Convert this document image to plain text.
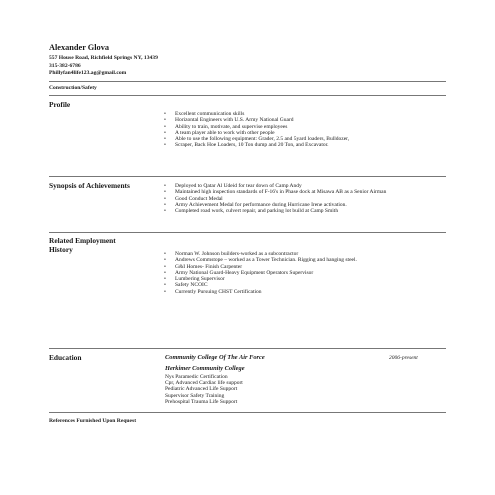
Alexander Glova
557 House Road, Richfield Springs NY, 13439
315-382-6786
Phillyfan4life123.ag@gmail.com
Construction/Safety
Profile
• Excellent communication skills
• Horizontal Engineers with U.S. Army National Guard
• Ability to train, motivate, and supervise employees
• A team player able to work with other people
• Able to use the following equipment: Grader, 2.5 and 5yard loaders, Bulldozer,
• Scraper, Back Hoe Loaders, 10 Ton dump and 20 Ton, and Excavator.
Synopsis of Achievements	• Deployed to Qatar Al Udeid for tear down of Camp Andy
• Maintained high inspection standards of F-16's in Phase dock at Misawa AB as a Senior Airman
• Good Conduct Medal
• Army Achievement Medal for performance during Hurricane Irene activation.
• Completed road work, culvert repair, and parking lot build at Camp Smith
Related Employment
History	• Norman W. Johnson builders-worked as a subcontractor
• Andrews Commstope – worked as a Tower Technician. Rigging and hanging steel.
• G&I Homes- Finish Carpenter
• Army National Guard-Heavy Equipment Operators Supervisor
• Lumbering Supervisor
• Safety NCOIC
• Currently Pursuing CHST Certification
Education	Community College Of The Air Force	2006-present
Herkimer Community College
Nys Paramedic Certification
Cpr, Advanced Cardiac life support
Pediatric Advanced Life Support
Supervisor Safety Training
Prehospital Trauma Life Support
References Furnished Upon Request
